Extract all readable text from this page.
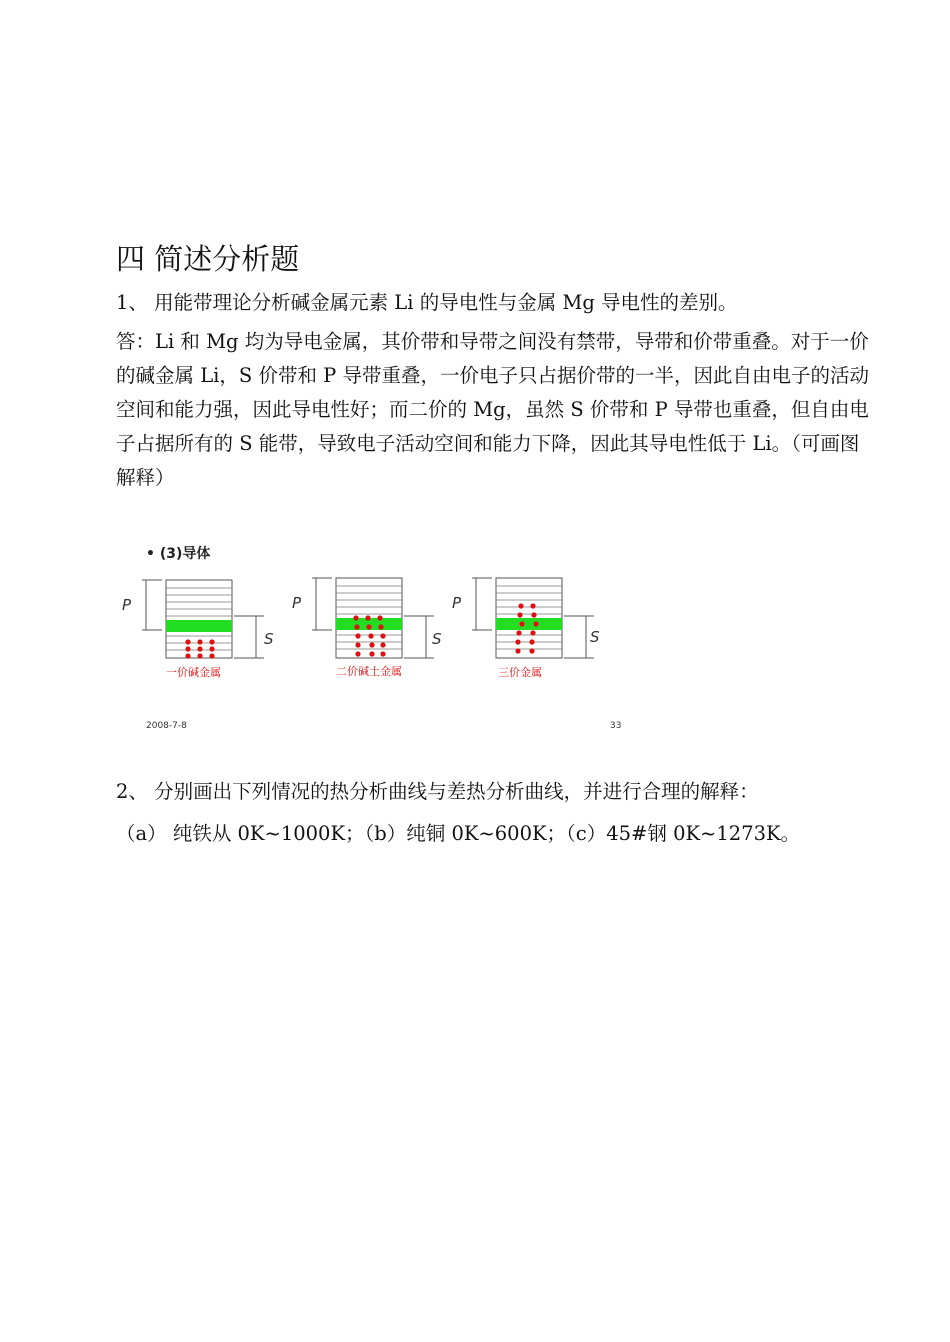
四 简述分析题
1、 用能带理论分析碱金属元素 Li 的导电性与金属 Mg 导电性的差别。
答：Li 和 Mg 均为导电金属，其价带和导带之间没有禁带，导带和价带重叠。对于一价的碱金属 Li，S 价带和 P 导带重叠，一价电子只占据价带的一半，因此自由电子的活动空间和能力强，因此导电性好；而二价的 Mg，虽然 S 价带和 P 导带也重叠，但自由电子占据所有的 S 能带，导致电子活动空间和能力下降，因此其导电性低于 Li。（可画图解释）
• (3)导体
P
S
一价碱金属
P
S
二价碱土金属
P
S
三价金属
2008-7-8	33
2、 分别画出下列情况的热分析曲线与差热分析曲线，并进行合理的解释：
（a） 纯铁从 0K~1000K；（b）纯铜 0K~600K；（c）45#钢 0K~1273K。
